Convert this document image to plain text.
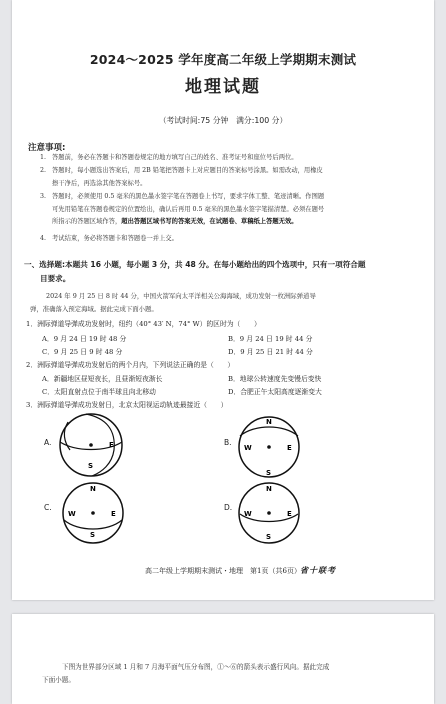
2024～2025 学年度高二年级上学期期末测试
地理试题
（考试时间:75 分钟　满分:100 分）
注意事项:
1. 答题前，务必在答题卡和答题卷规定的地方填写自己的姓名、准考证号和座位号后两位。
2. 答题时，每小题选出答案后，用 2B 铅笔把答题卡上对应题目的答案标号涂黑。如需改动，用橡皮
擦干净后，再选涂其他答案标号。
3. 答题时，必须使用 0.5 毫米的黑色墨水签字笔在答题卷上书写，要求字体工整、笔迹清晰。作图题
可先用铅笔在答题卷规定的位置绘出，确认后再用 0.5 毫米的黑色墨水签字笔描清楚。必须在题号
所指示的答题区域作答，超出答题区域书写的答案无效，在试题卷、草稿纸上答题无效。
4. 考试结束，务必将答题卡和答题卷一并上交。
一、选择题:本题共 16 小题，每小题 3 分，共 48 分。在每小题给出的四个选项中，只有一项符合题
目要求。
2024 年 9 月 25 日 8 时 44 分，中国火箭军向太平洋相关公海海域，成功发射一枚洲际弹道导
弹，准确落入预定海域。据此完成下面小题。
1．洲际弹道导弹成功发射时，纽约（40° 43′ N，74° W）的区时为（　　）
A．9 月 24 日 19 时 48 分	B．9 月 24 日 19 时 44 分
C．9 月 25 日 9 时 48 分	D．9 月 25 日 21 时 44 分
2．洲际弹道导弹成功发射后的两个月内，下列说法正确的是（　　）
A．新疆地区昼短夜长，且昼渐短夜渐长	B．地球公转速度先变慢后变快
C．太阳直射点位于南半球且向北移动	D．合肥正午太阳高度逐渐变大
3．洲际弹道导弹成功发射日，北京太阳视运动轨迹最接近（　　）
A.
S
E	B.
N
W	E
S
C.
N
W	E
S
D.
N
W	E
S
高二年级上学期期末测试・地理　第1页（共6页） 省十联考
下图为世界部分区域 1 月和 7 月海平面气压分布图，①～⑥的箭头表示盛行风向。据此完成
下面小题。
